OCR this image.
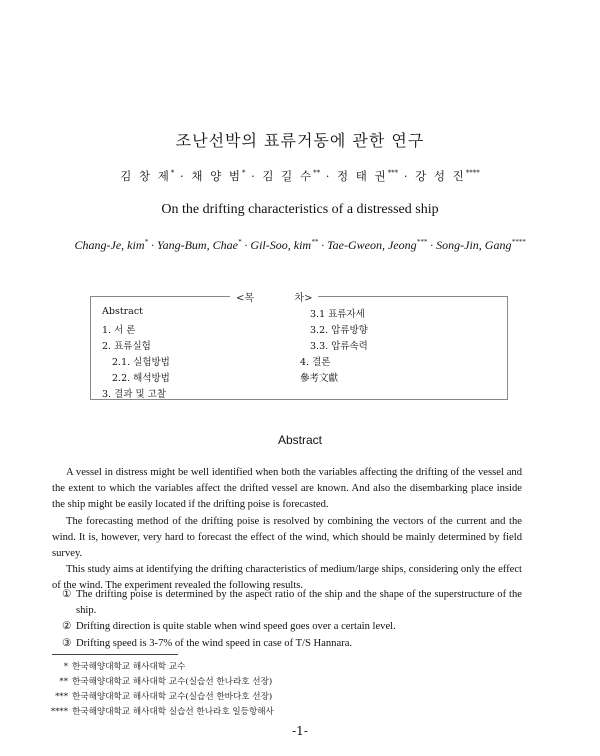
조난선박의 표류거동에 관한 연구
김 창 제* · 채 양 범* · 김 길 수** · 정 태 권*** · 강 성 진****
On the drifting characteristics of a distressed ship
Chang-Je, kim* · Yang-Bum, Chae* · Gil-Soo, kim** · Tae-Gweon, Jeong*** · Song-Jin, Gang****
<목	차>
Abstract
1. 서 론
2. 표류실험
2.1. 실험방법
2.2. 해석방법
3. 결과 및 고찰
3.1 표류자세
3.2. 압류방향
3.3. 압류속력
4. 결론
參考文獻
Abstract

A vessel in distress might be well identified when both the variables affecting the drifting of the vessel and the extent to which the variables affect the drifted vessel are known. And also the disembarking place inside the ship might be easily located if the drifting poise is forecasted.

The forecasting method of the drifting poise is resolved by combining the vectors of the current and the wind. It is, however, very hard to forecast the effect of the wind, which should be mainly determined by field survey.

This study aims at identifying the drifting characteristics of medium/large ships, considering only the effect of the wind. The experiment revealed the following results.

① The drifting poise is determined by the aspect ratio of the ship and the shape of the superstructure of the ship.
② Drifting direction is quite stable when wind speed goes over a certain level.
③ Drifting speed is 3-7% of the wind speed in case of T/S Hannara.
* 한국해양대학교 해사대학 교수
** 한국해양대학교 해사대학 교수(실습선 한나라호 선장)
*** 한국해양대학교 해사대학 교수(실습선 한바다호 선장)
**** 한국해양대학교 해사대학 실습선 한나라호 일등항해사
-1-
